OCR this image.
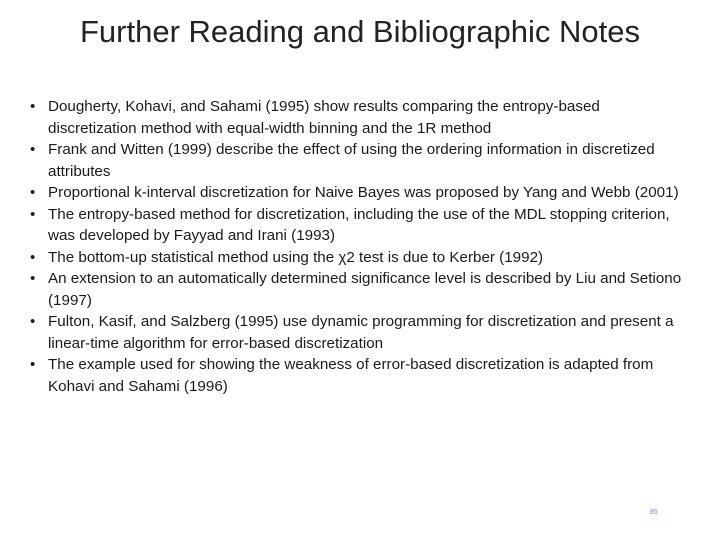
Further Reading and Bibliographic Notes
• Dougherty, Kohavi, and Sahami (1995) show results comparing the entropy-based discretization method with equal-width binning and the 1R method
• Frank and Witten (1999) describe the effect of using the ordering information in discretized attributes
• Proportional k-interval discretization for Naive Bayes was proposed by Yang and Webb (2001)
• The entropy-based method for discretization, including the use of the MDL stopping criterion, was developed by Fayyad and Irani (1993)
• The bottom-up statistical method using the χ2 test is due to Kerber (1992)
• An extension to an automatically determined significance level is described by Liu and Setiono (1997)
• Fulton, Kasif, and Salzberg (1995) use dynamic programming for discretization and present a linear-time algorithm for error-based discretization
• The example used for showing the weakness of error-based discretization is adapted from Kohavi and Sahami (1996)
85
